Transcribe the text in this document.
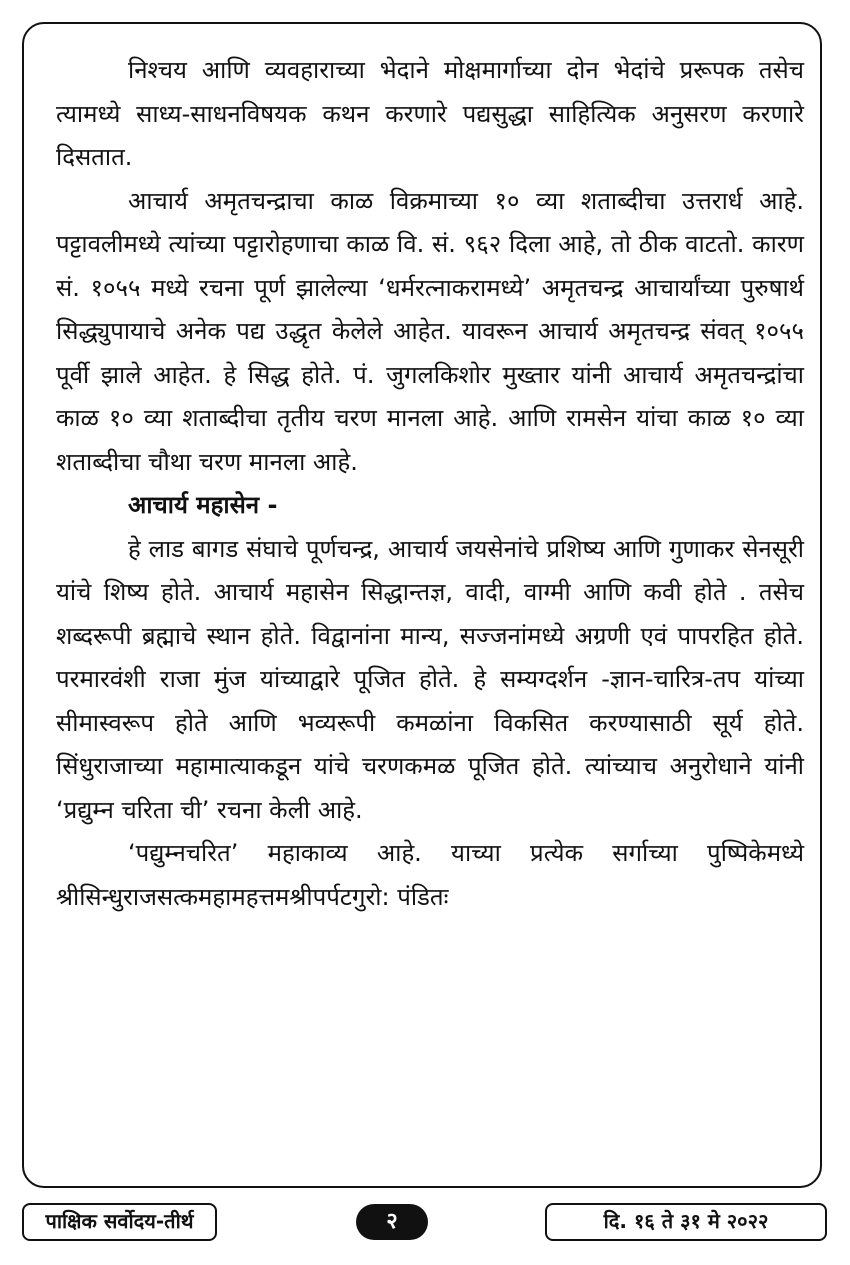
निश्चय आणि व्यवहाराच्या भेदाने मोक्षमार्गाच्या दोन भेदांचे प्ररूपक तसेच त्यामध्ये साध्य-साधनविषयक कथन करणारे पद्यसुद्धा साहित्यिक अनुसरण करणारे दिसतात.

आचार्य अमृतचन्द्राचा काळ विक्रमाच्या १० व्या शताब्दीचा उत्तरार्ध आहे. पट्टावलीमध्ये त्यांच्या पट्टारोहणाचा काळ वि. सं. ९६२ दिला आहे, तो ठीक वाटतो. कारण सं. १०५५ मध्ये रचना पूर्ण झालेल्या ‘धर्मरत्नाकरामध्ये’ अमृतचन्द्र आचार्यांच्या पुरुषार्थ सिद्ध्युपायाचे अनेक पद्य उद्धृत केलेले आहेत. यावरून आचार्य अमृतचन्द्र संवत् १०५५ पूर्वी झाले आहेत. हे सिद्ध होते. पं. जुगलकिशोर मुख्तार यांनी आचार्य अमृतचन्द्रांचा काळ १० व्या शताब्दीचा तृतीय चरण मानला आहे. आणि रामसेन यांचा काळ १० व्या शताब्दीचा चौथा चरण मानला आहे.

आचार्य महासेन -

हे लाड बागड संघाचे पूर्णचन्द्र, आचार्य जयसेनांचे प्रशिष्य आणि गुणाकर सेनसूरी यांचे शिष्य होते. आचार्य महासेन सिद्धान्तज्ञ, वादी, वाग्मी आणि कवी होते . तसेच शब्दरूपी ब्रह्माचे स्थान होते. विद्वानांना मान्य, सज्जनांमध्ये अग्रणी एवं पापरहित होते. परमारवंशी राजा मुंज यांच्याद्वारे पूजित होते. हे सम्यग्दर्शन -ज्ञान-चारित्र-तप यांच्या सीमास्वरूप होते आणि भव्यरूपी कमळांना विकसित करण्यासाठी सूर्य होते. सिंधुराजाच्या महामात्याकडून यांचे चरणकमळ पूजित होते. त्यांच्याच अनुरोधाने यांनी ‘प्रद्युम्न चरिता ची’ रचना केली आहे.

‘पद्युम्नचरित’ महाकाव्य आहे. याच्या प्रत्येक सर्गाच्या पुष्पिकेमध्ये श्रीसिन्धुराजसत्कमहामहत्तमश्रीपर्पटगुरो: पंडितः

पाक्षिक सर्वोदय-तीर्थ	२	दि. १६ ते ३१ मे २०२२
